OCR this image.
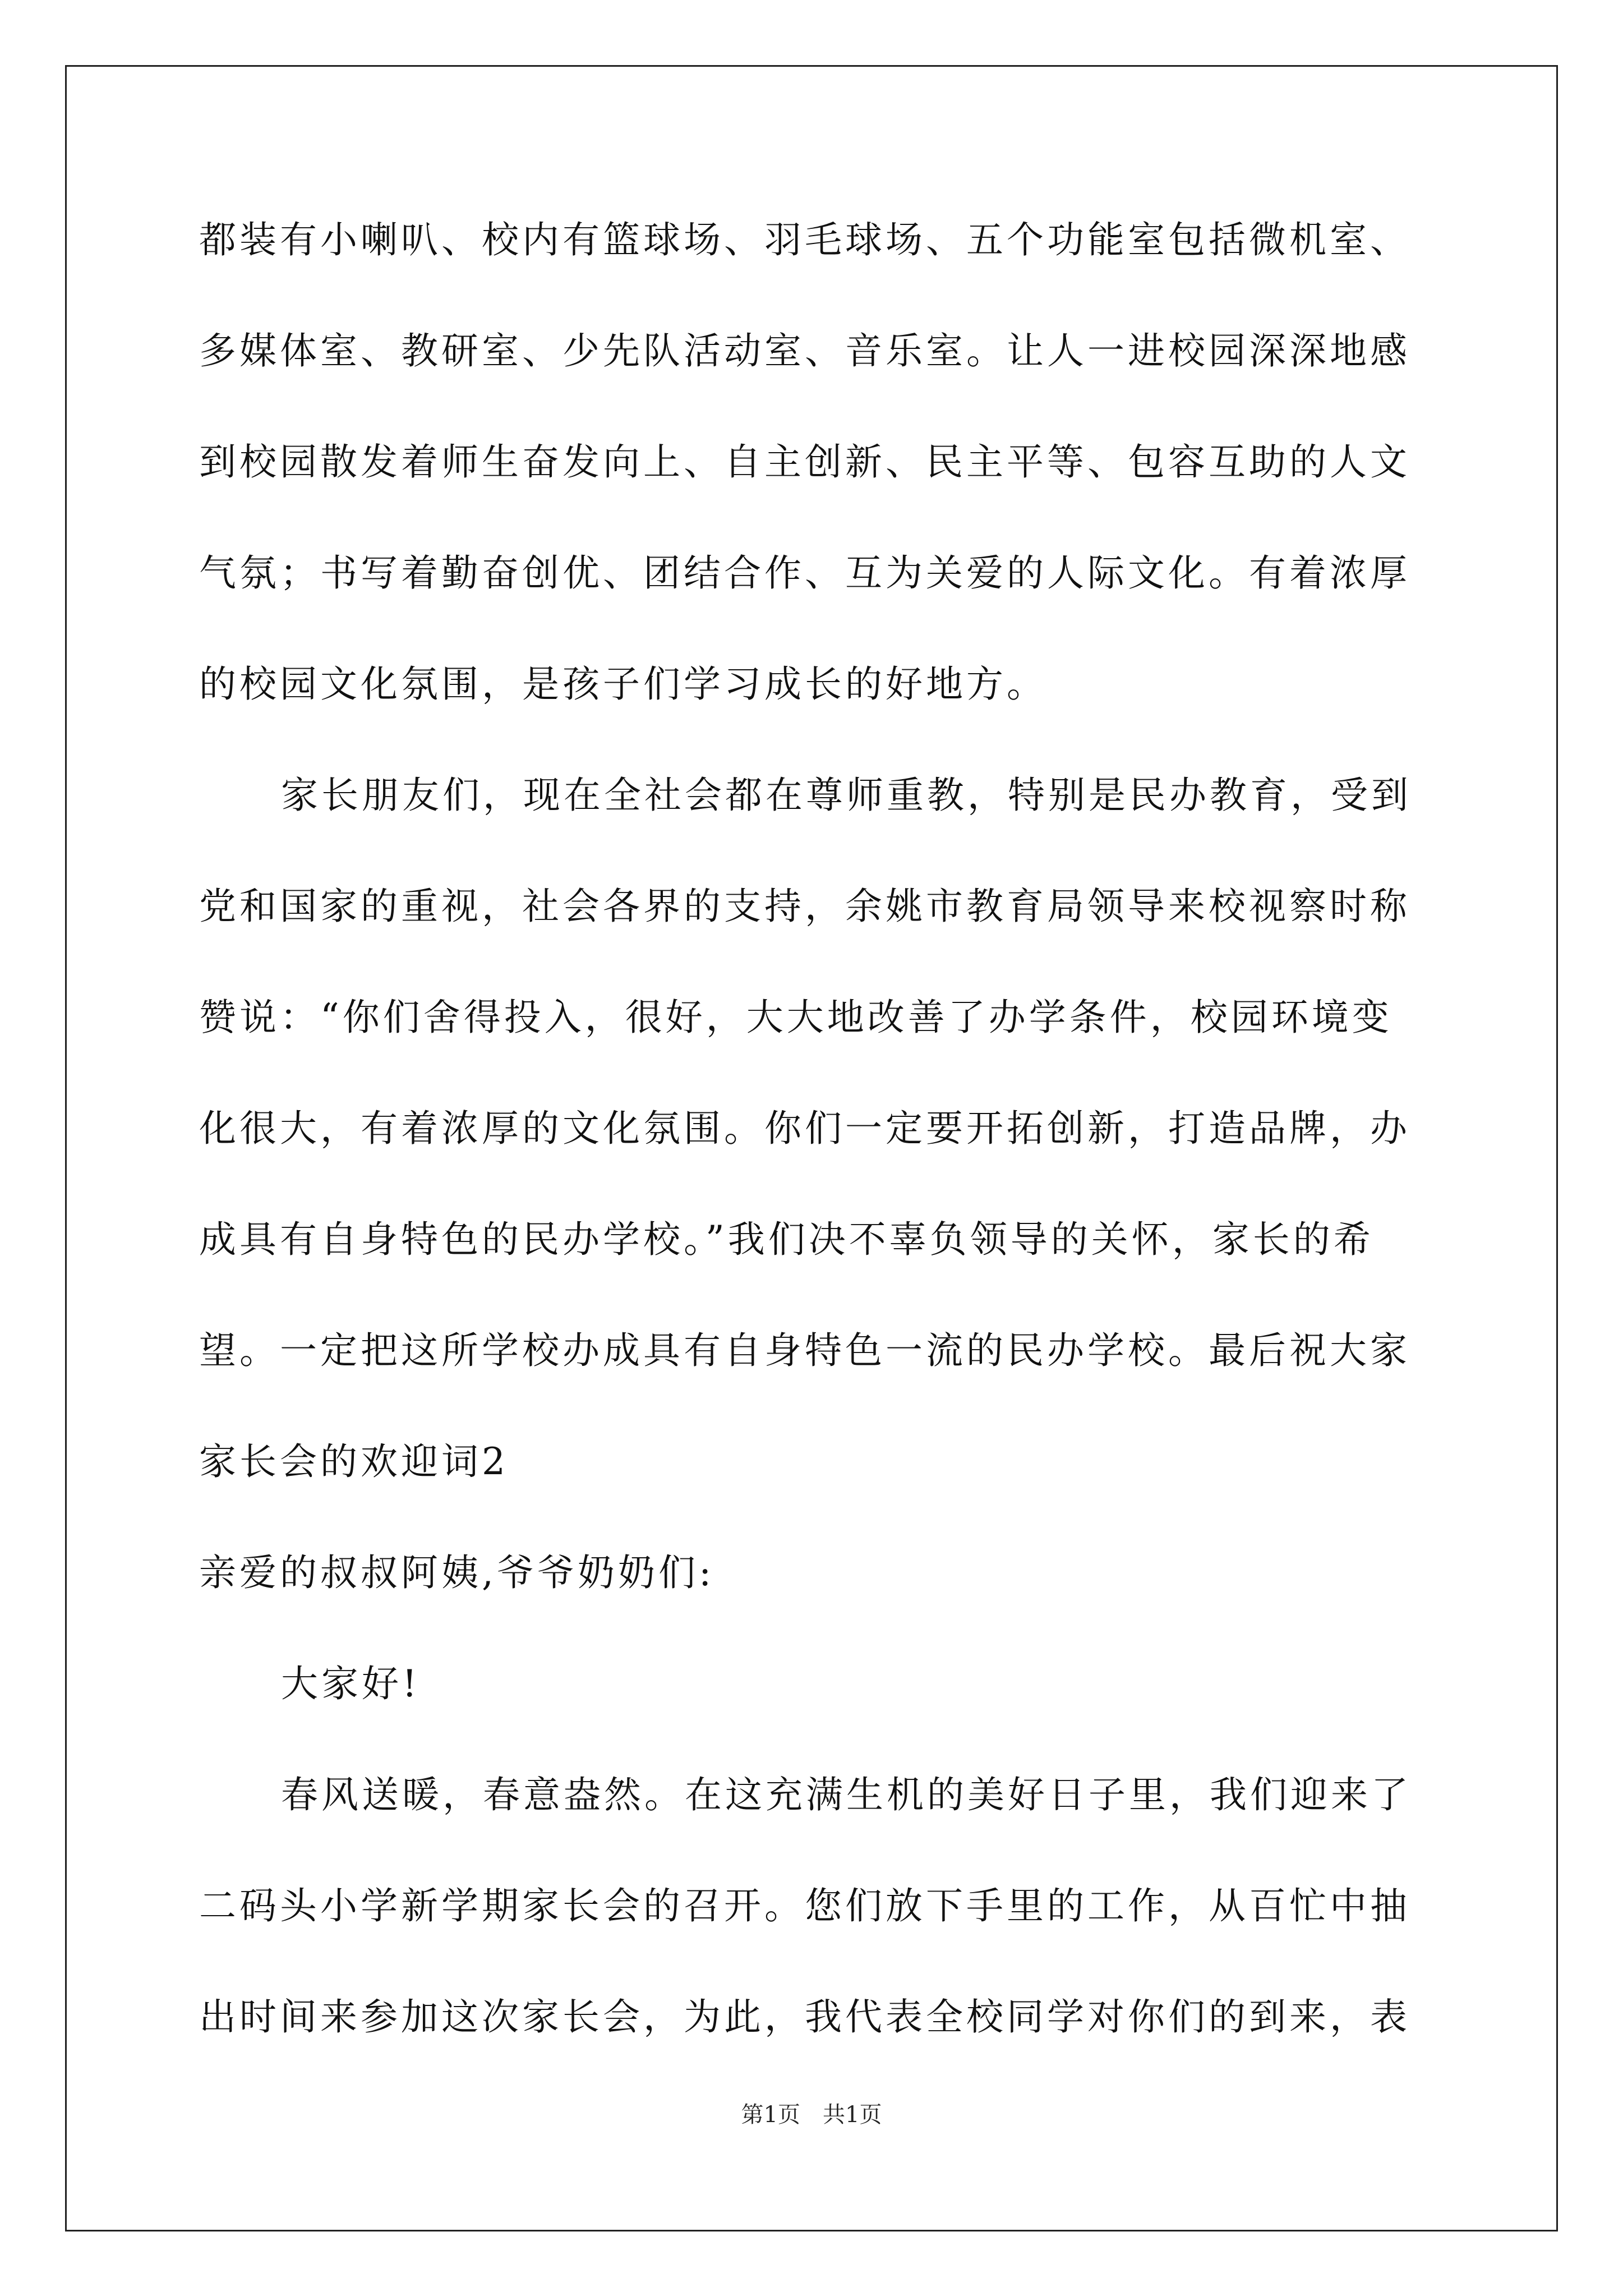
都装有小喇叭、校内有篮球场、羽毛球场、五个功能室包括微机室、
多媒体室、教研室、少先队活动室、音乐室。让人一进校园深深地感
到校园散发着师生奋发向上、自主创新、民主平等、包容互助的人文
气氛；书写着勤奋创优、团结合作、互为关爱的人际文化。有着浓厚
的校园文化氛围，是孩子们学习成长的好地方。
家长朋友们，现在全社会都在尊师重教，特别是民办教育，受到
党和国家的重视，社会各界的支持，余姚市教育局领导来校视察时称
赞说：“你们舍得投入，很好，大大地改善了办学条件，校园环境变
化很大，有着浓厚的文化氛围。你们一定要开拓创新，打造品牌，办
成具有自身特色的民办学校。”我们决不辜负领导的关怀，家长的希
望。一定把这所学校办成具有自身特色一流的民办学校。最后祝大家
家长会的欢迎词2
亲爱的叔叔阿姨,爷爷奶奶们:
大家好!
春风送暖，春意盎然。在这充满生机的美好日子里，我们迎来了
二码头小学新学期家长会的召开。您们放下手里的工作，从百忙中抽
出时间来参加这次家长会，为此，我代表全校同学对你们的到来，表
第1页　共1页
